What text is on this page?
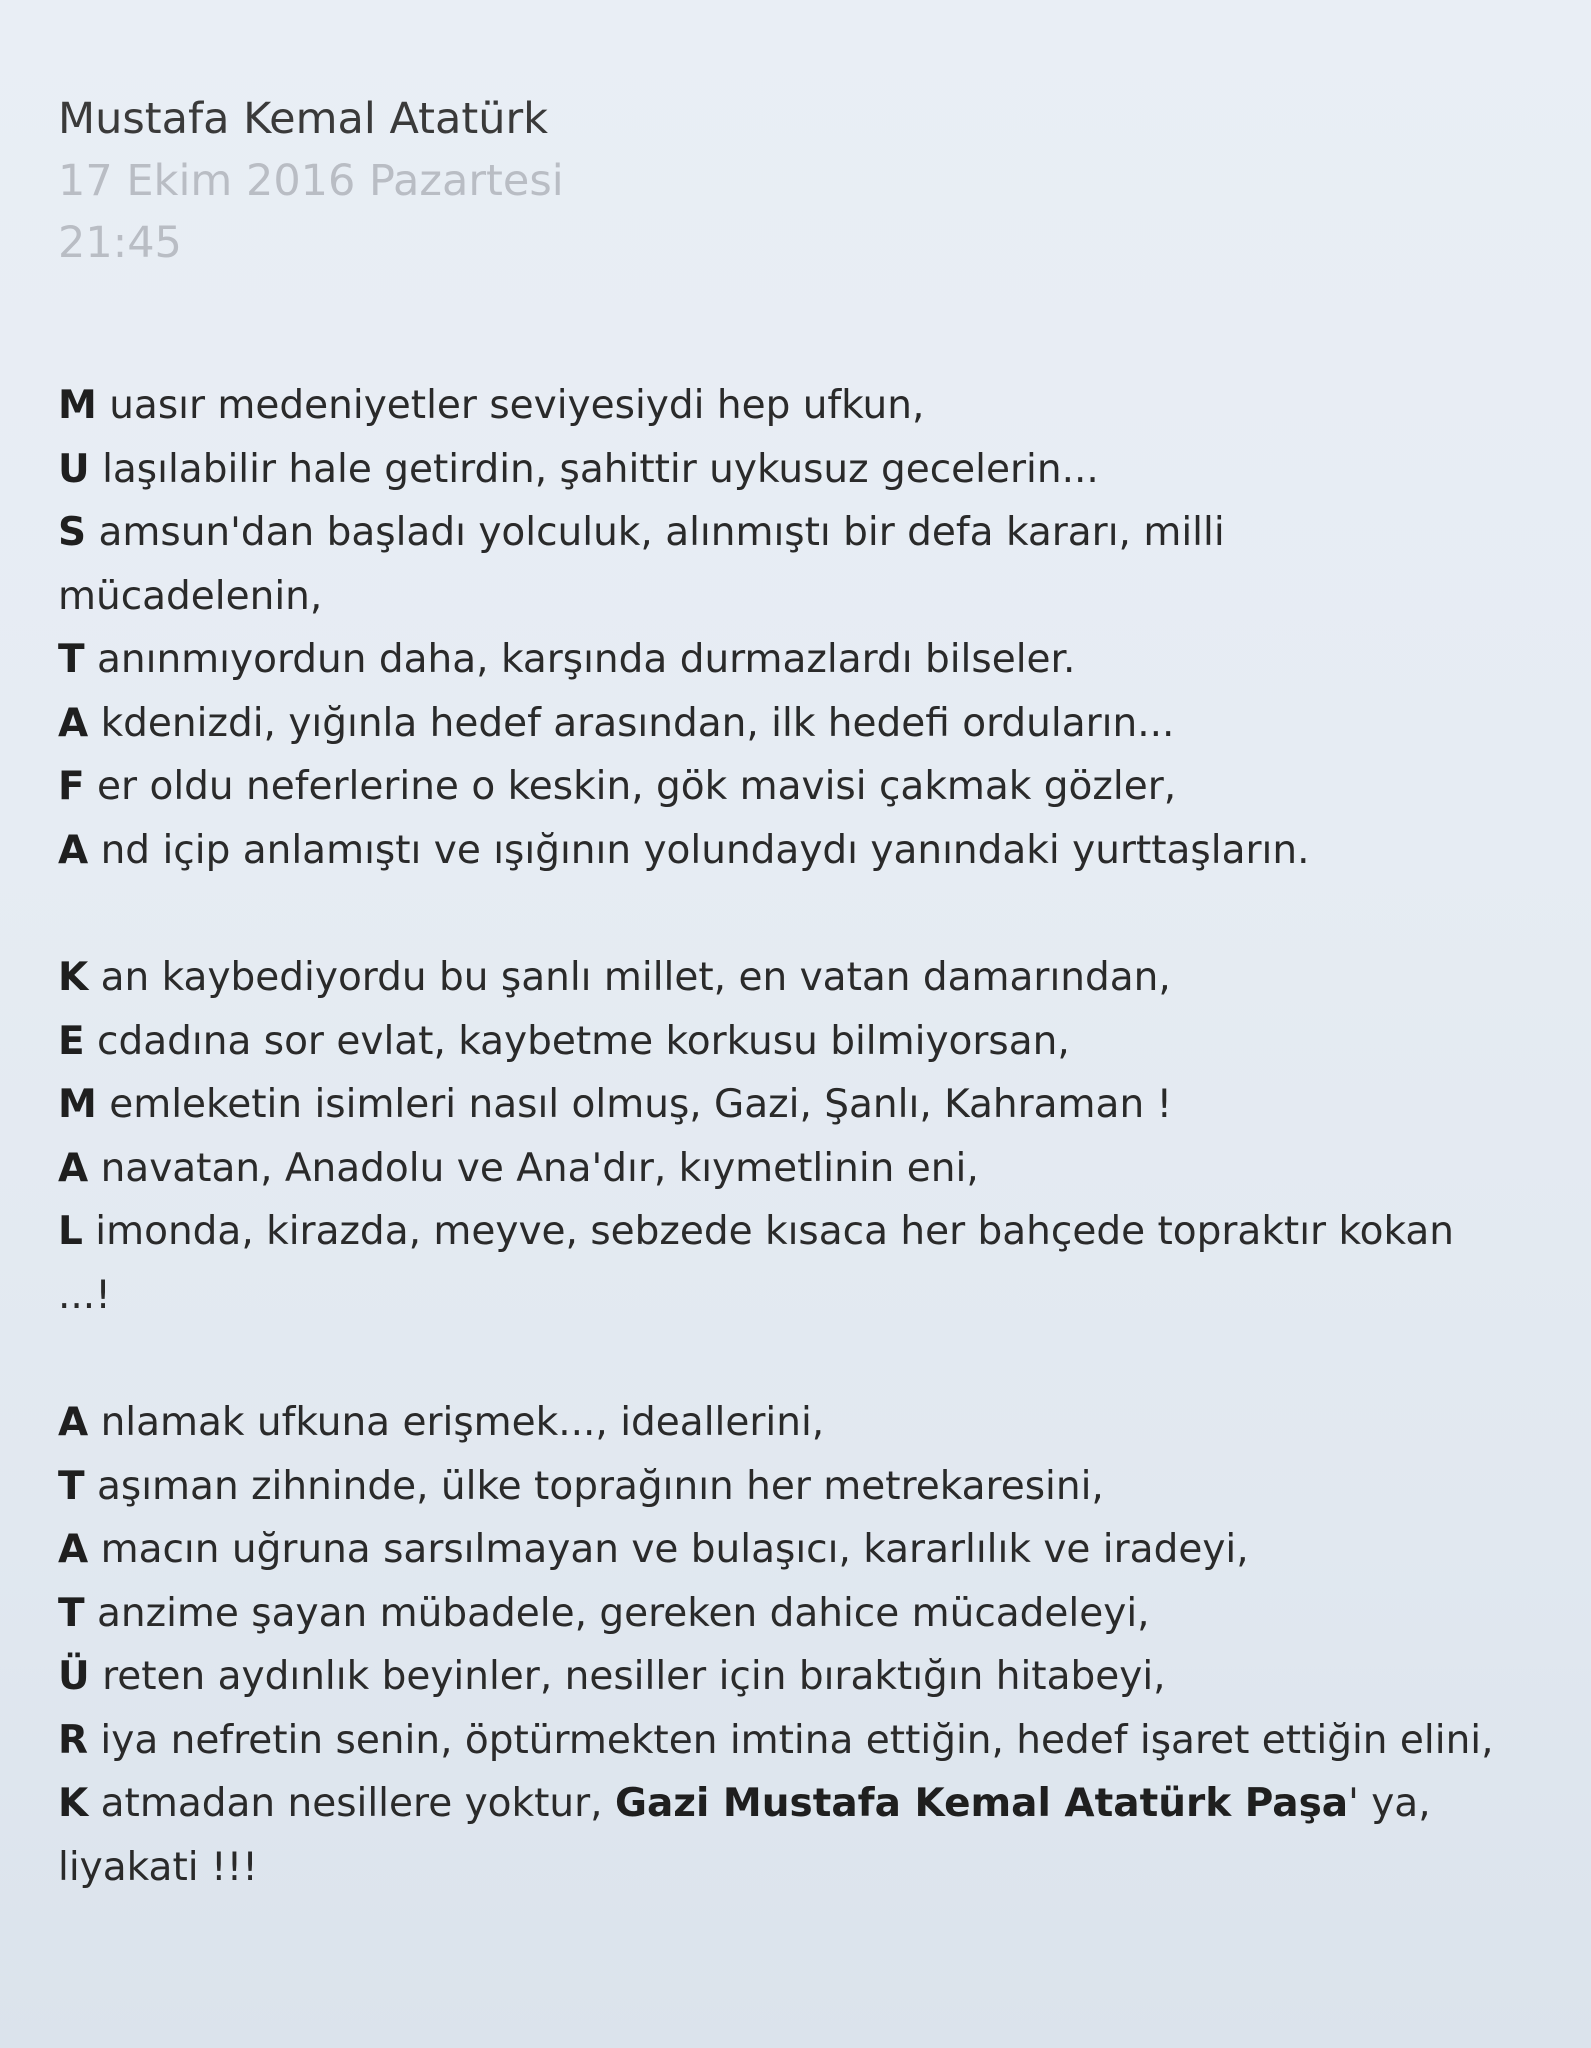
Mustafa Kemal Atatürk

17 Ekim 2016 Pazartesi

21:45

M uasır medeniyetler seviyesiydi hep ufkun,
U laşılabilir hale getirdin, şahittir uykusuz gecelerin...
S amsun'dan başladı yolculuk, alınmıştı bir defa kararı, milli mücadelenin,
T anınmıyordun daha, karşında durmazlardı bilseler.
A kdenizdi, yığınla hedef arasından, ilk hedefi orduların...
F er oldu neferlerine o keskin, gök mavisi çakmak gözler,
A nd içip anlamıştı ve ışığının yolundaydı yanındaki yurttaşların.
K an kaybediyordu bu şanlı millet, en vatan damarından,
E cdadına sor evlat, kaybetme korkusu bilmiyorsan,
M emleketin isimleri nasıl olmuş, Gazi, Şanlı, Kahraman !
A navatan, Anadolu ve Ana'dır, kıymetlinin eni,
L imonda, kirazda, meyve, sebzede kısaca her bahçede topraktır kokan ...!
A nlamak ufkuna erişmek..., ideallerini,
T aşıman zihninde, ülke toprağının her metrekaresini,
A macın uğruna sarsılmayan ve bulaşıcı, kararlılık ve iradeyi,
T anzime şayan mübadele, gereken dahice mücadeleyi,
Ü reten aydınlık beyinler, nesiller için bıraktığın hitabeyi,
R iya nefretin senin, öptürmekten imtina ettiğin, hedef işaret ettiğin elini,
K atmadan nesillere yoktur, Gazi Mustafa Kemal Atatürk Paşa' ya, liyakati !!!
